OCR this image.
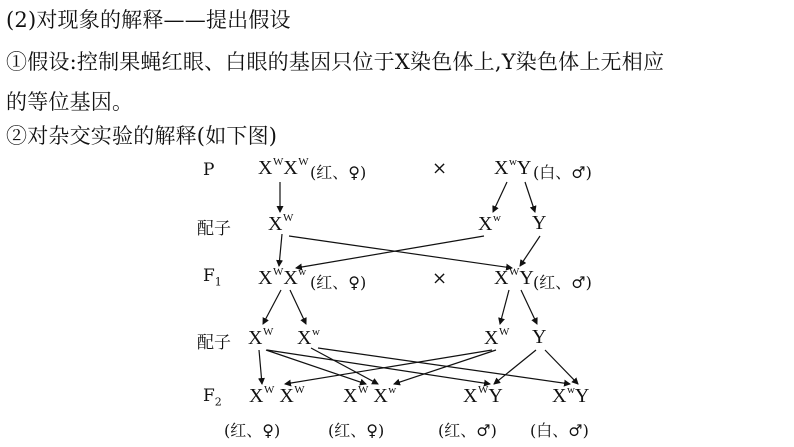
(2)对现象的解释——提出假设
①假设:控制果蝇红眼、白眼的基因只位于X染色体上,Y染色体上无相应
的等位基因。
②对杂交实验的解释(如下图)
P
配子
$F_1$
配子
$F_2$
$X^WX^W$
(红、♀)	× $X^wY$ (白、♂)
$X^W$	$X^w$ Y
$X^WX^w$
(红、♀)	× $X^WY$ (红、♂)
$X^W$ $X^w$	$X^W$ Y
$X^W$ $X^W$ $X^W$ $X^w$	$X^WY$ $X^wY$
(红、♀)	(红、♀)	(红、♂) (白、♂)
